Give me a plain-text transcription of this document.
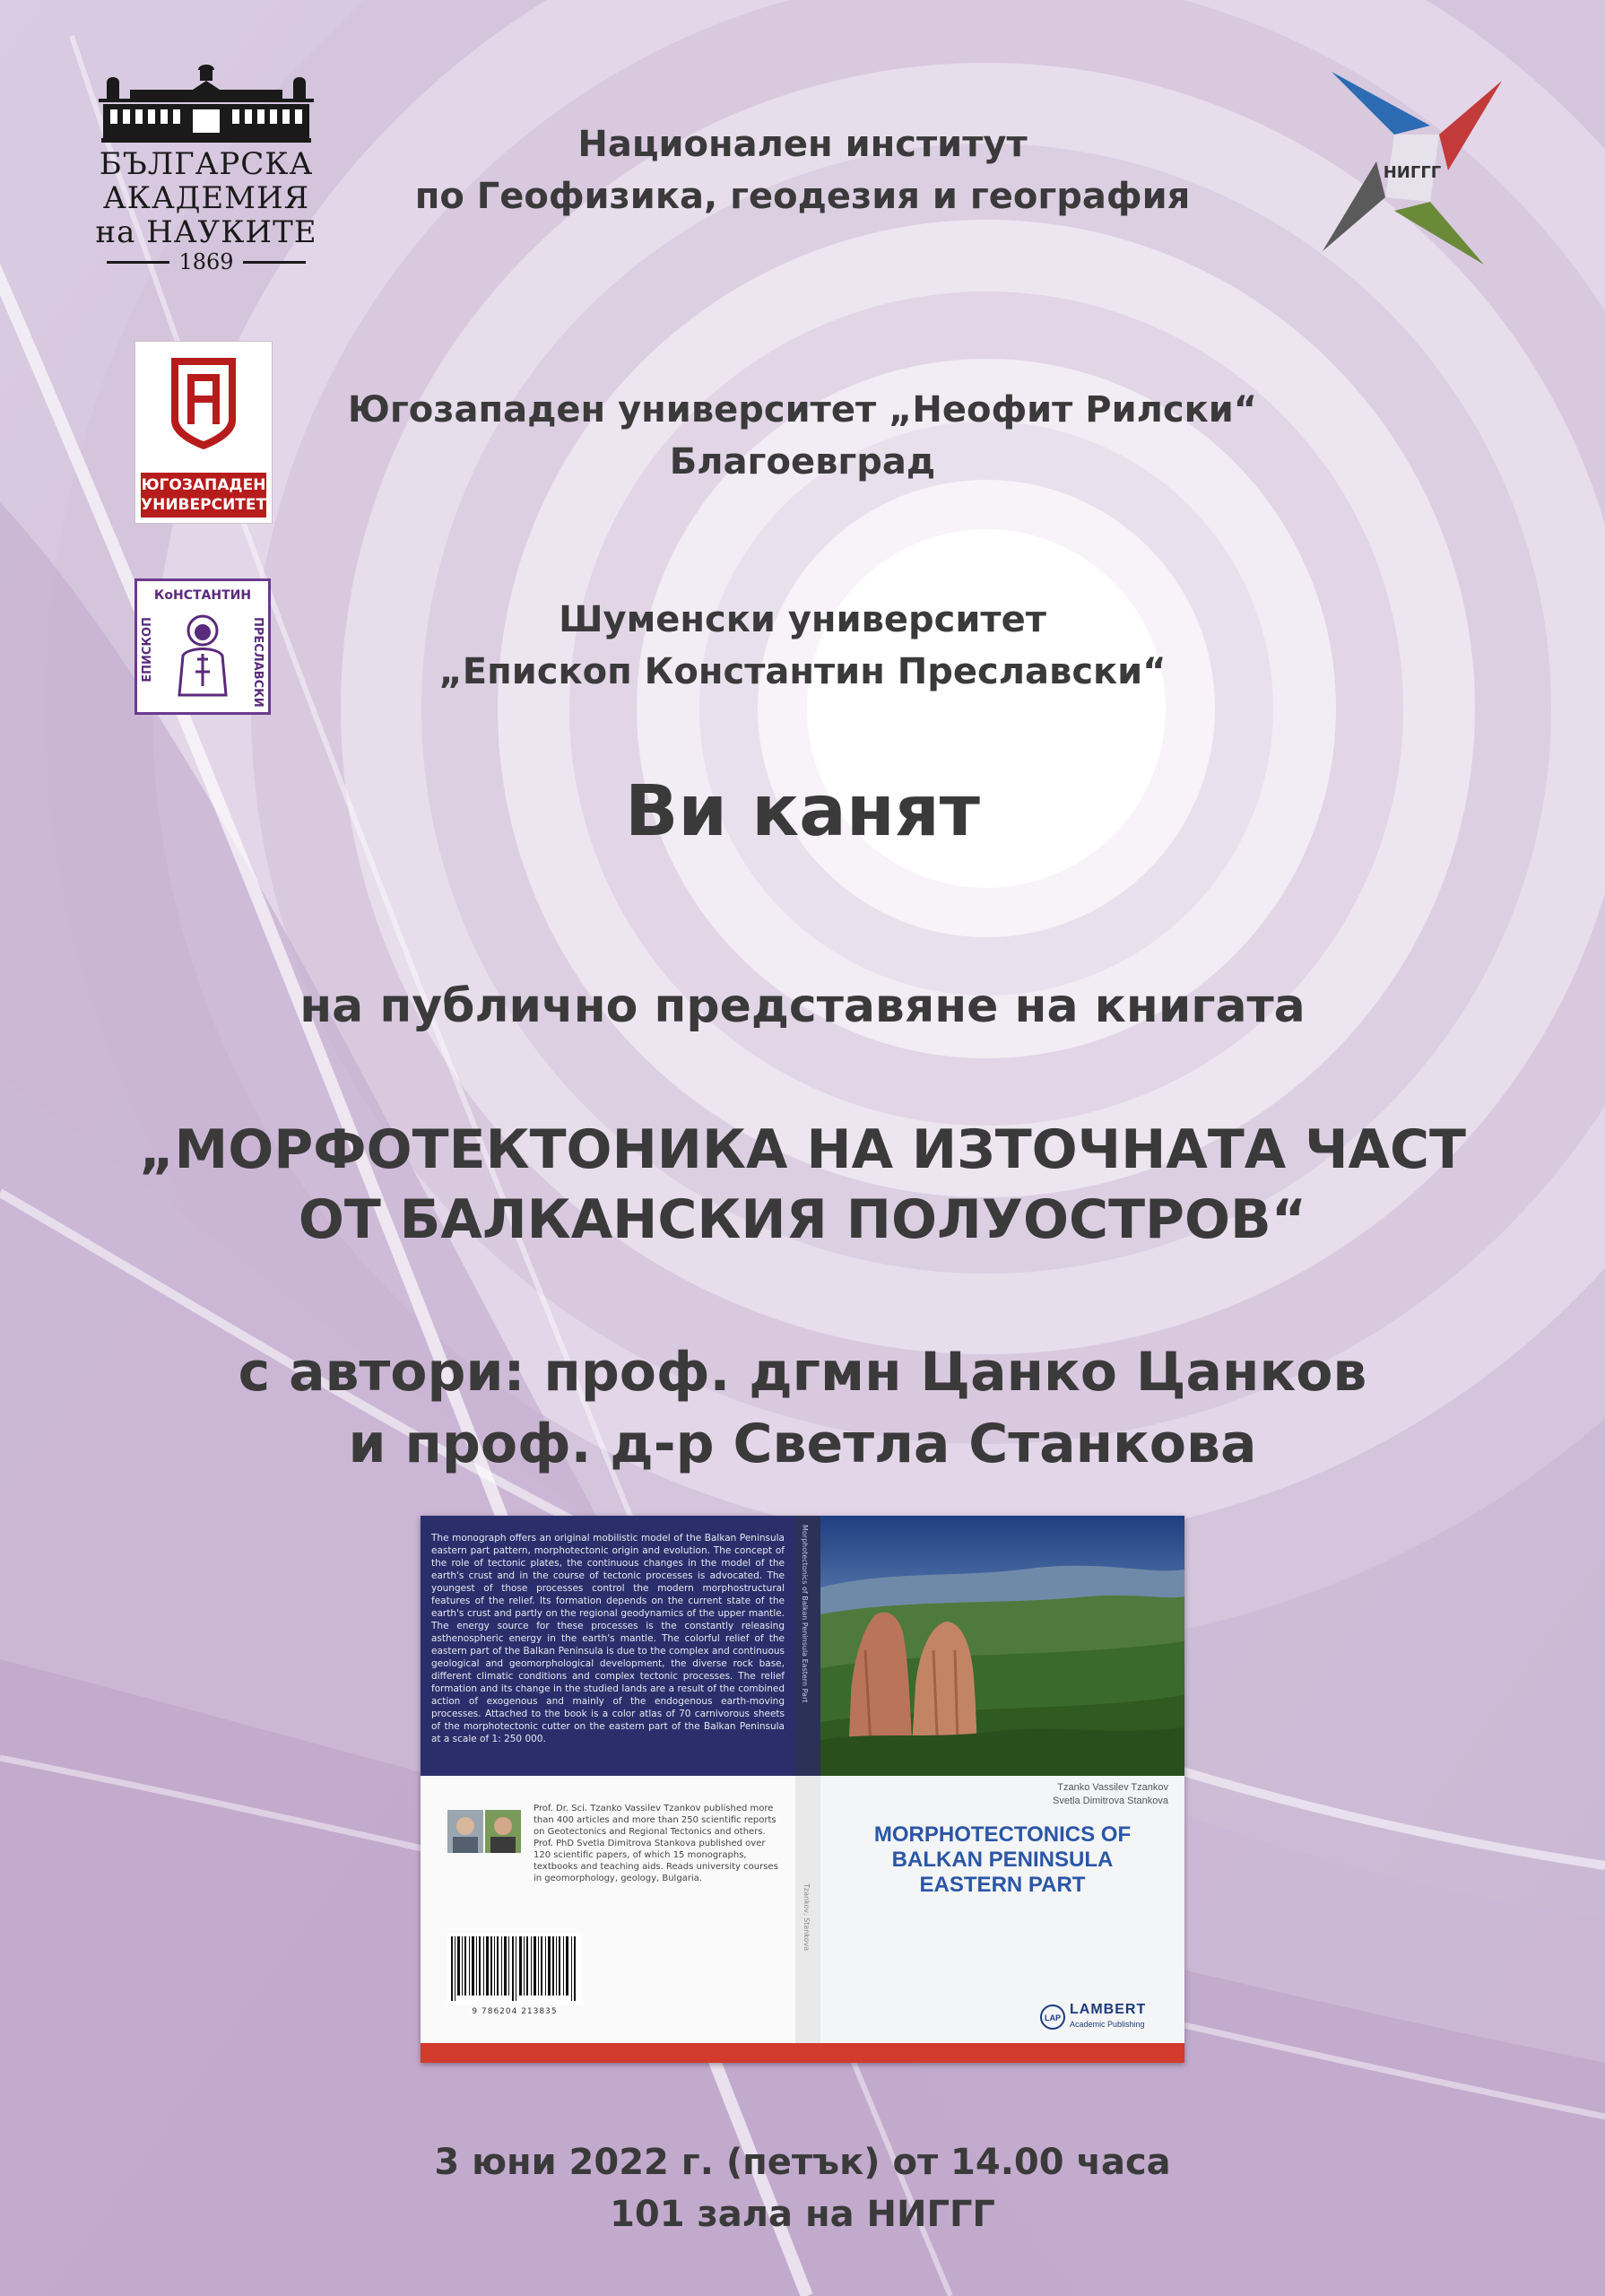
БЪЛГАРСКА
АКАДЕМИЯ
на НАУКИТЕ
1869
ЮГОЗАПАДЕН
УНИВЕРСИТЕТ
КоНСТАНТИН
ЕПИСКОП	ПРЕСЛАВСКИ
НИГГГ
Национален институт
по Геофизика, геодезия и география
Югозападен университет „Неофит Рилски“
Благоевград
Шуменски университет
„Епископ Константин Преславски“
Ви канят
на публично представяне на книгата
„МОРФОТЕКТОНИКА НА ИЗТОЧНАТА ЧАСТ
ОТ БАЛКАНСКИЯ ПОЛУОСТРОВ“
с автори: проф. дгмн Цанко Цанков
и проф. д-р Светла Станкова
The monograph offers an original mobilistic model of the Balkan Peninsula eastern part pattern, morphotectonic origin and evolution. The concept of the role of tectonic plates, the continuous changes in the model of the earth's crust and in the course of tectonic processes is advocated. The youngest of those processes control the modern morphostructural features of the relief. Its formation depends on the current state of the earth's crust and partly on the regional geodynamics of the upper mantle. The energy source for these processes is the constantly releasing asthenospheric energy in the earth's mantle. The colorful relief of the eastern part of the Balkan Peninsula is due to the complex and continuous geological and geomorphological development, the diverse rock base, different climatic conditions and complex tectonic processes. The relief formation and its change in the studied lands are a result of the combined action of exogenous and mainly of the endogenous earth-moving processes. Attached to the book is a color atlas of 70 carnivorous sheets of the morphotectonic cutter on the eastern part of the Balkan Peninsula at a scale of 1: 250 000.
Prof. Dr. Sci. Tzanko Vassilev Tzankov published more than 400 articles and more than 250 scientific reports on Geotectonics and Regional Tectonics and others. Prof. PhD Svetla Dimitrova Stankova published over 120 scientific papers, of which 15 monographs, textbooks and teaching aids. Reads university courses in geomorphology, geology, Bulgaria.
9 786204 213835
Morphotectonics of Balkan Peninsula Eastern Part
Tzankov, Stankova
Tzanko Vassilev Tzankov
Svetla Dimitrova Stankova
MORPHOTECTONICS OF
BALKAN PENINSULA
EASTERN PART
LAP
LAMBERT
Academic Publishing
3 юни 2022 г. (петък) от 14.00 часа
101 зала на НИГГГ
